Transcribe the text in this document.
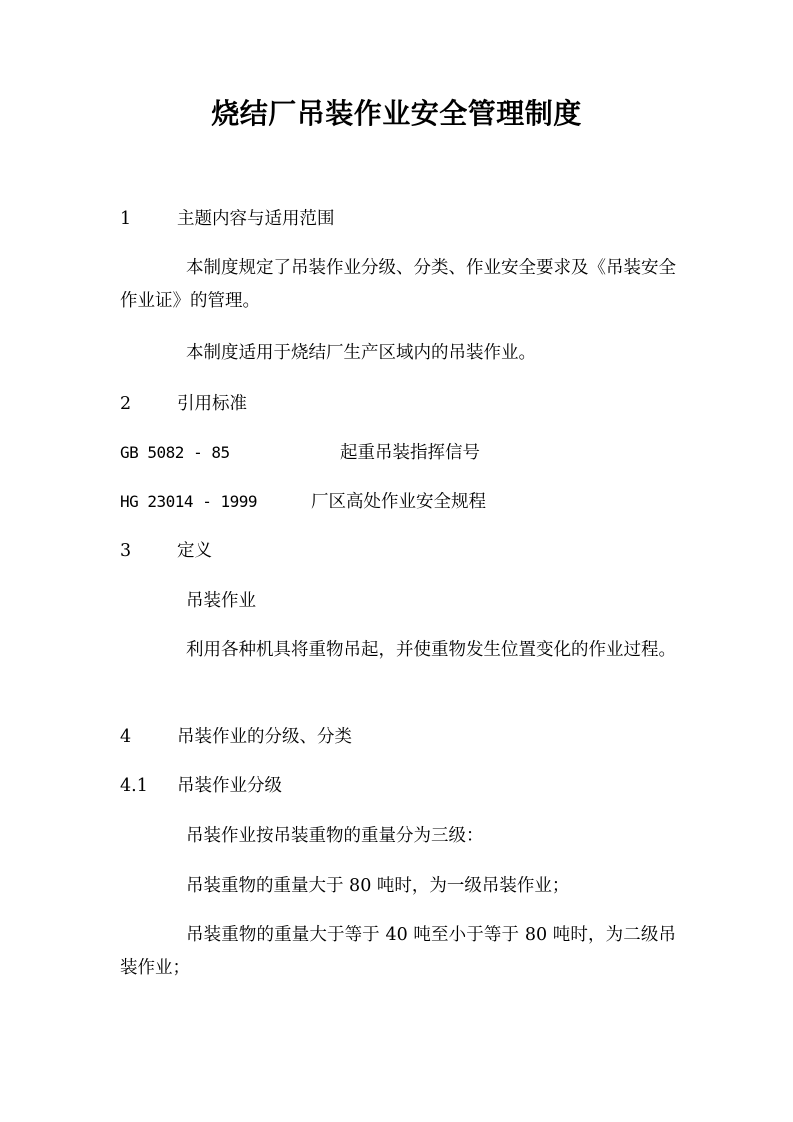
烧结厂吊装作业安全管理制度
1	主题内容与适用范围
本制度规定了吊装作业分级、分类、作业安全要求及《吊装安全作业证》的管理。
本制度适用于烧结厂生产区域内的吊装作业。
2	引用标准
GB 5082 - 85	起重吊装指挥信号
HG 23014 - 1999	厂区高处作业安全规程
3	定义
吊装作业
利用各种机具将重物吊起，并使重物发生位置变化的作业过程。
4	吊装作业的分级、分类
4.1 吊装作业分级
吊装作业按吊装重物的重量分为三级：
吊装重物的重量大于 80 吨时，为一级吊装作业；
吊装重物的重量大于等于 40 吨至小于等于 80 吨时，为二级吊装作业；
